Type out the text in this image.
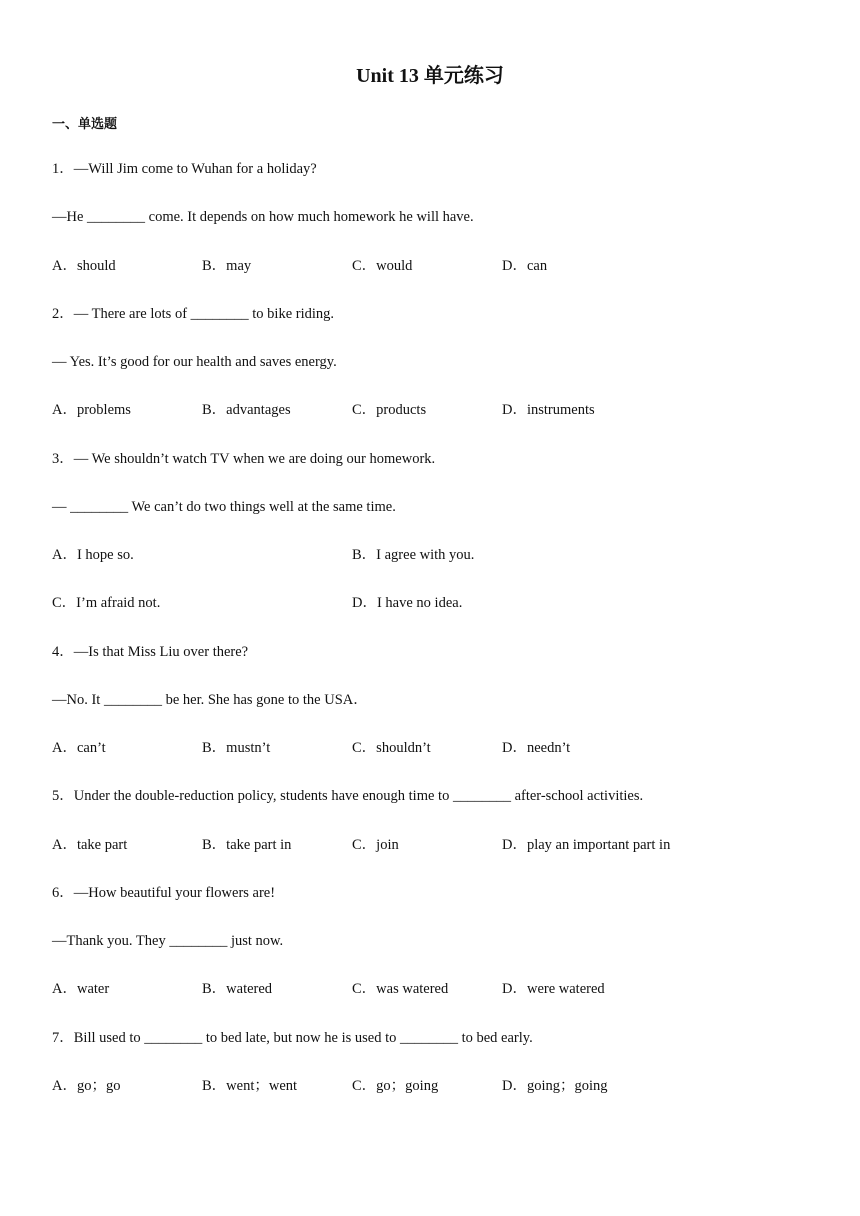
Unit 13 单元练习
一、单选题
1．—Will Jim come to Wuhan for a holiday?
—He ________ come. It depends on how much homework he will have.
A．should	B．may	C．would	D．can
2．— There are lots of ________ to bike riding.
— Yes. It’s good for our health and saves energy.
A．problems	B．advantages	C．products	D．instruments
3．— We shouldn’t watch TV when we are doing our homework.
— ________ We can’t do two things well at the same time.
A．I hope so.	B．I agree with you.
C．I’m afraid not.	D．I have no idea.
4．—Is that Miss Liu over there?
—No. It ________ be her. She has gone to the USA．
A．can’t	B．mustn’t	C．shouldn’t	D．needn’t
5．Under the double-reduction policy, students have enough time to ________ after-school activities.
A．take part	B．take part in	C．join	D．play an important part in
6．—How beautiful your flowers are!
—Thank you. They ________ just now.
A．water	B．watered	C．was watered	D．were watered
7．Bill used to ________ to bed late, but now he is used to ________ to bed early.
A．go；go	B．went；went	C．go；going	D．going；going
